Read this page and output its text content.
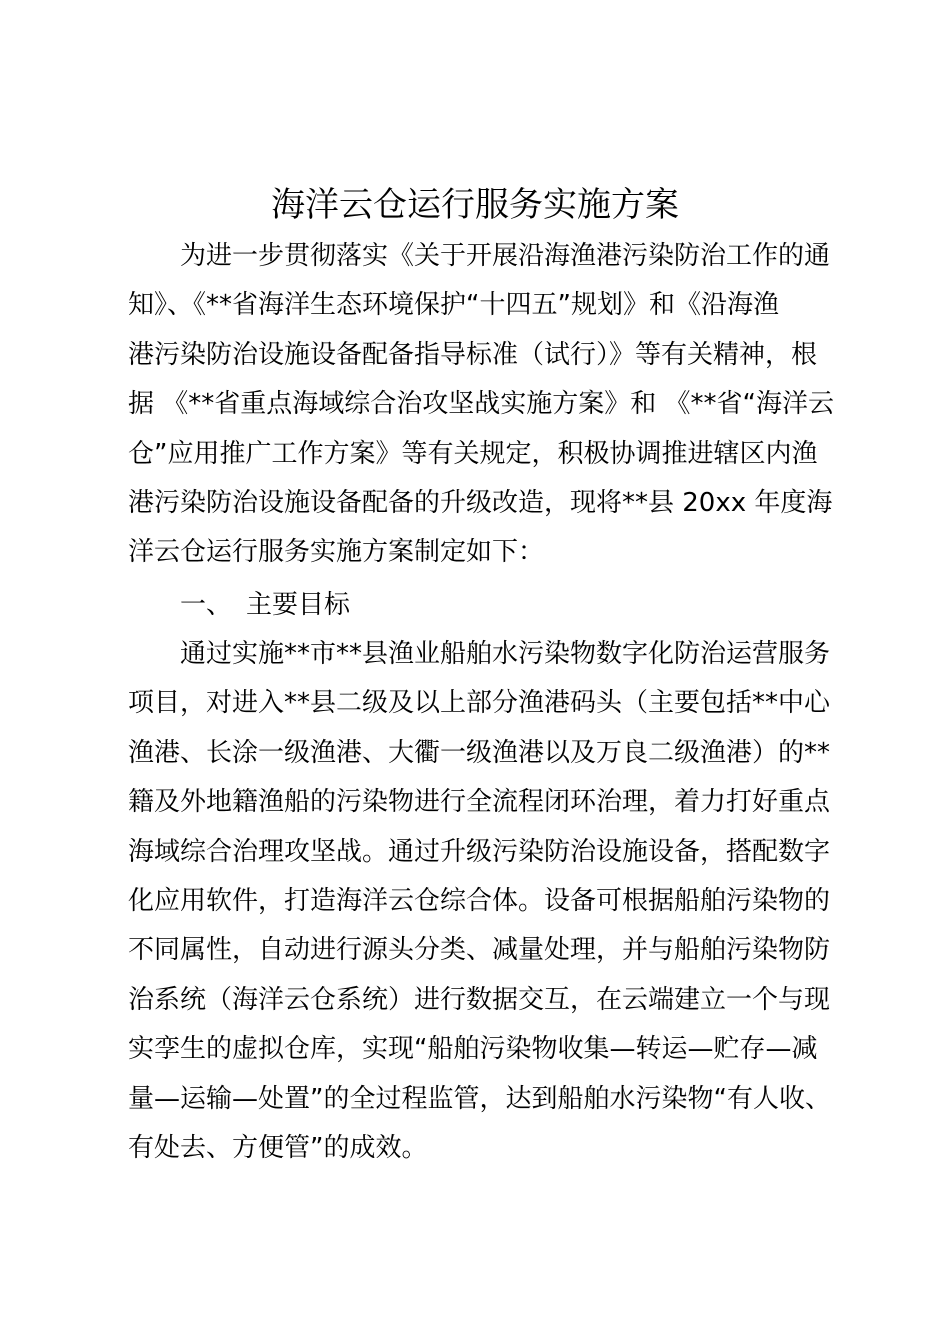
海洋云仓运行服务实施方案
为进一步贯彻落实《关于开展沿海渔港污染防治工作的通
知》、《**省海洋生态环境保护“十四五”规划》和《沿海渔
港污染防治设施设备配备指导标准（试行）》等有关精神，根
据 《**省重点海域综合治攻坚战实施方案》和 《**省“海洋云
仓”应用推广工作方案》等有关规定，积极协调推进辖区内渔
港污染防治设施设备配备的升级改造，现将**县 20xx 年度海
洋云仓运行服务实施方案制定如下：
一、 主要目标
通过实施**市**县渔业船舶水污染物数字化防治运营服务
项目，对进入**县二级及以上部分渔港码头（主要包括**中心
渔港、长涂一级渔港、大衢一级渔港以及万良二级渔港）的**
籍及外地籍渔船的污染物进行全流程闭环治理，着力打好重点
海域综合治理攻坚战。通过升级污染防治设施设备，搭配数字
化应用软件，打造海洋云仓综合体。设备可根据船舶污染物的
不同属性，自动进行源头分类、减量处理，并与船舶污染物防
治系统（海洋云仓系统）进行数据交互，在云端建立一个与现
实孪生的虚拟仓库，实现“船舶污染物收集—转运—贮存—减
量—运输—处置”的全过程监管，达到船舶水污染物“有人收、
有处去、方便管”的成效。
